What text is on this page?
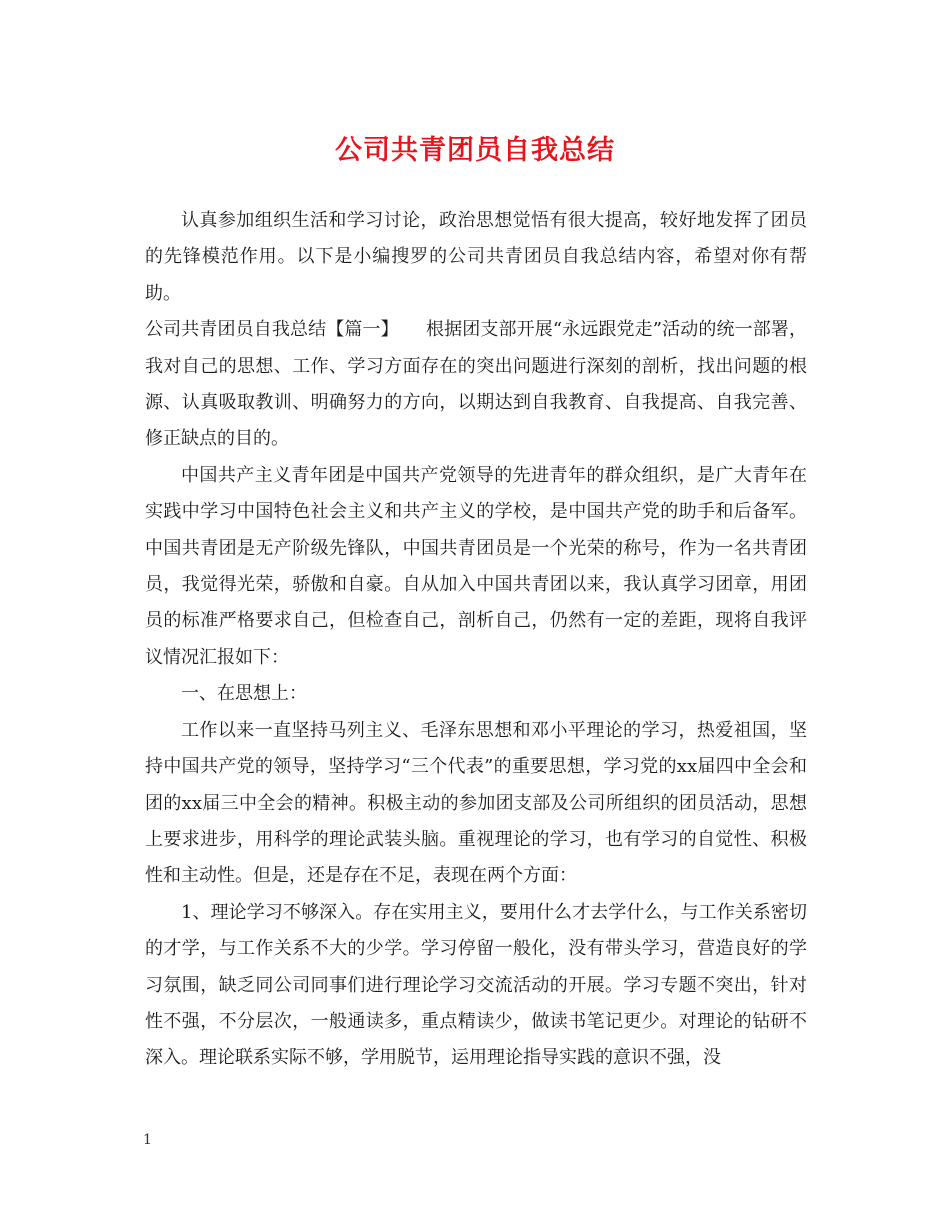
公司共青团员自我总结

认真参加组织生活和学习讨论，政治思想觉悟有很大提高，较好地发挥了团员的先锋模范作用。以下是小编搜罗的公司共青团员自我总结内容，希望对你有帮助。

公司共青团员自我总结【篇一】　　根据团支部开展“永远跟党走”活动的统一部署，我对自己的思想、工作、学习方面存在的突出问题进行深刻的剖析，找出问题的根源、认真吸取教训、明确努力的方向，以期达到自我教育、自我提高、自我完善、修正缺点的目的。

中国共产主义青年团是中国共产党领导的先进青年的群众组织，是广大青年在实践中学习中国特色社会主义和共产主义的学校，是中国共产党的助手和后备军。中国共青团是无产阶级先锋队，中国共青团员是一个光荣的称号，作为一名共青团员，我觉得光荣，骄傲和自豪。自从加入中国共青团以来，我认真学习团章，用团员的标准严格要求自己，但检查自己，剖析自己，仍然有一定的差距，现将自我评议情况汇报如下：

一、在思想上：

工作以来一直坚持马列主义、毛泽东思想和邓小平理论的学习，热爱祖国，坚持中国共产党的领导，坚持学习“三个代表”的重要思想，学习党的xx届四中全会和团的xx届三中全会的精神。积极主动的参加团支部及公司所组织的团员活动，思想上要求进步，用科学的理论武装头脑。重视理论的学习，也有学习的自觉性、积极性和主动性。但是，还是存在不足，表现在两个方面：

1、理论学习不够深入。存在实用主义，要用什么才去学什么，与工作关系密切的才学，与工作关系不大的少学。学习停留一般化，没有带头学习，营造良好的学习氛围，缺乏同公司同事们进行理论学习交流活动的开展。学习专题不突出，针对性不强，不分层次，一般通读多，重点精读少，做读书笔记更少。对理论的钻研不深入。理论联系实际不够，学用脱节，运用理论指导实践的意识不强，没

1
